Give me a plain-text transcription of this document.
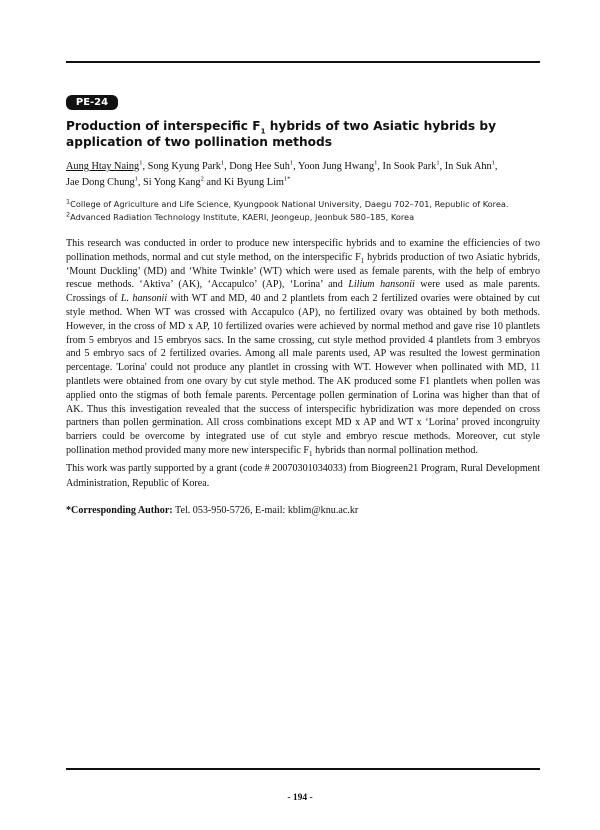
PE-24
Production of interspecific $F_1$ hybrids of two Asiatic hybrids by application of two pollination methods
Aung Htay Naing$^1$, Song Kyung Park$^1$, Dong Hee Suh$^1$, Yoon Jung Hwang$^1$, In Sook Park$^1$, In Suk Ahn$^1$,
Jae Dong Chung$^1$, Si Yong Kang$^2$ and Ki Byung Lim$^{1*}$
$^1$College of Agriculture and Life Science, Kyungpook National University, Daegu 702–701, Republic of Korea.
$^2$Advanced Radiation Technology Institute, KAERI, Jeongeup, Jeonbuk 580–185, Korea

This research was conducted in order to produce new interspecific hybrids and to examine the efficiencies of two pollination methods, normal and cut style method, on the interspecific $F_1$ hybrids production of two Asiatic hybrids, ‘Mount Duckling’ (MD) and ‘White Twinkle’ (WT) which were used as female parents, with the help of embryo rescue methods. ‘Aktiva’ (AK), ‘Accapulco’ (AP), ‘Lorina’ and Lilium hansonii were used as male parents. Crossings of L. hansonii with WT and MD, 40 and 2 plantlets from each 2 fertilized ovaries were obtained by cut style method. When WT was crossed with Accapulco (AP), no fertilized ovary was obtained by both methods. However, in the cross of MD x AP, 10 fertilized ovaries were achieved by normal method and gave rise 10 plantlets from 5 embryos and 15 embryos sacs. In the same crossing, cut style method provided 4 plantlets from 3 embryos and 5 embryo sacs of 2 fertilized ovaries. Among all male parents used, AP was resulted the lowest germination percentage. 'Lorina' could not produce any plantlet in crossing with WT. However when pollinated with MD, 11 plantlets were obtained from one ovary by cut style method. The AK produced some F1 plantlets when pollen was applied onto the stigmas of both female parents. Percentage pollen germination of Lorina was higher than that of AK. Thus this investigation revealed that the success of interspecific hybridization was more depended on cross partners than pollen germination. All cross combinations except MD x AP and WT x ‘Lorina’ proved incongruity barriers could be overcome by integrated use of cut style and embryo rescue methods. Moreover, cut style pollination method provided many more new interspecific $F_1$ hybrids than normal pollination method.

This work was partly supported by a grant (code # 20070301034033) from Biogreen21 Program, Rural Development Administration, Republic of Korea.

*Corresponding Author: Tel. 053-950-5726, E-mail: kblim@knu.ac.kr
- 194 -
